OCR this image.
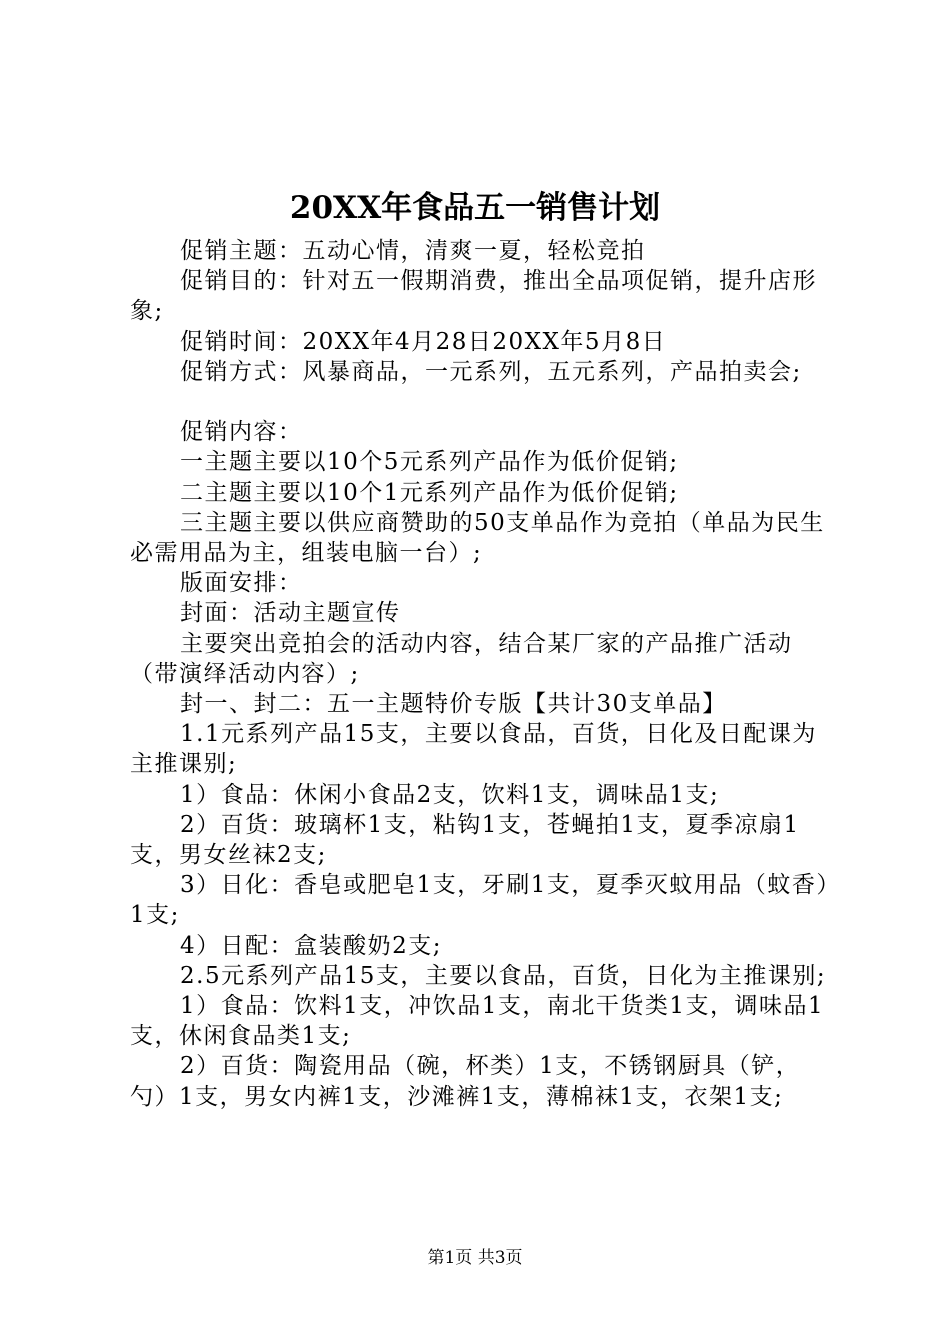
20XX年食品五一销售计划

促销主题：五动心情，清爽一夏，轻松竞拍

促销目的：针对五一假期消费，推出全品项促销，提升店形象;

促销时间：20XX年4月28日20XX年5月8日

促销方式：风暴商品，一元系列，五元系列，产品拍卖会;

促销内容：

一主题主要以10个5元系列产品作为低价促销;

二主题主要以10个1元系列产品作为低价促销;

三主题主要以供应商赞助的50支单品作为竞拍（单品为民生必需用品为主，组装电脑一台）;

版面安排：

封面：活动主题宣传

主要突出竞拍会的活动内容，结合某厂家的产品推广活动（带演绎活动内容）;

封一、封二：五一主题特价专版【共计30支单品】

1.1元系列产品15支，主要以食品，百货，日化及日配课为主推课别;

1）食品：休闲小食品2支，饮料1支，调味品1支;

2）百货：玻璃杯1支，粘钩1支，苍蝇拍1支，夏季凉扇1支，男女丝袜2支;

3）日化：香皂或肥皂1支，牙刷1支，夏季灭蚊用品（蚊香）1支;

4）日配：盒装酸奶2支;

2.5元系列产品15支，主要以食品，百货，日化为主推课别;

1）食品：饮料1支，冲饮品1支，南北干货类1支，调味品1支，休闲食品类1支;

2）百货：陶瓷用品（碗，杯类）1支，不锈钢厨具（铲，勺）1支，男女内裤1支，沙滩裤1支，薄棉袜1支，衣架1支;

第1页 共3页
